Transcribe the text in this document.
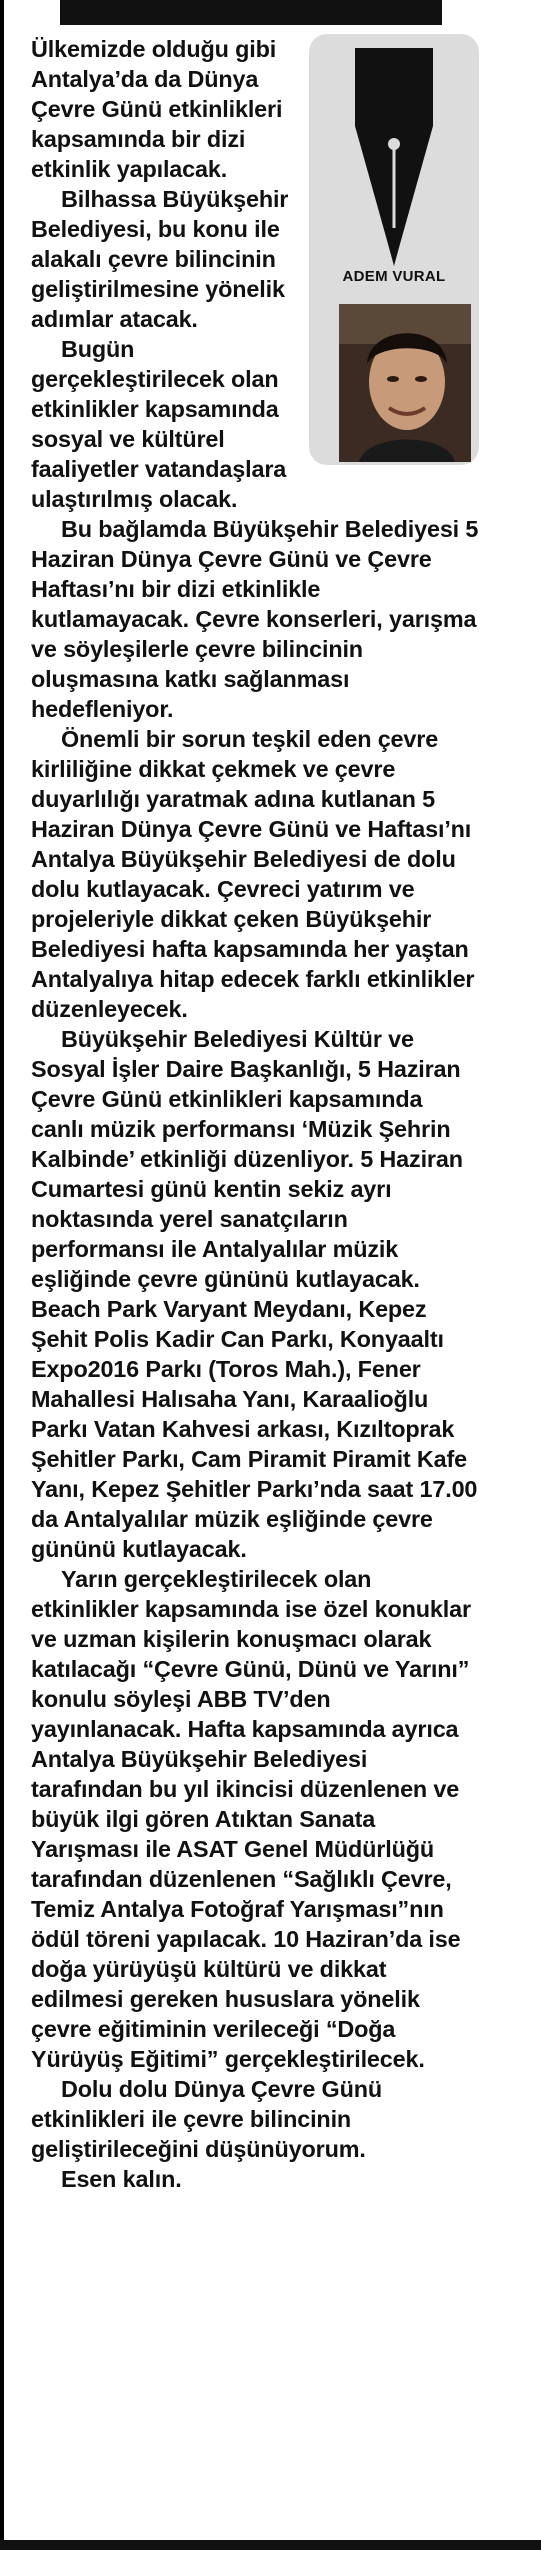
ADEM VURAL

Ülkemizde olduğu gibi Antalya’da da Dünya Çevre Günü etkinlikleri kapsamında bir dizi etkinlik yapılacak.

Bilhassa Büyükşehir Belediyesi, bu konu ile alakalı çevre bilincinin geliştirilmesine yönelik adımlar atacak.

Bugün gerçekleştirilecek olan etkinlikler kapsamında sosyal ve kültürel faaliyetler vatandaşlara ulaştırılmış olacak.

Bu bağlamda Büyükşehir Belediyesi 5 Haziran Dünya Çevre Günü ve Çevre Haftası’nı bir dizi etkinlikle kutlamayacak. Çevre konserleri, yarışma ve söyleşilerle çevre bilincinin oluşmasına katkı sağlanması hedefleniyor.

Önemli bir sorun teşkil eden çevre kirliliğine dikkat çekmek ve çevre duyarlılığı yaratmak adına kutlanan 5 Haziran Dünya Çevre Günü ve Haftası’nı Antalya Büyükşehir Belediyesi de dolu dolu kutlayacak. Çevreci yatırım ve projeleriyle dikkat çeken Büyükşehir Belediyesi hafta kapsamında her yaştan Antalyalıya hitap edecek farklı etkinlikler düzenleyecek.

Büyükşehir Belediyesi Kültür ve Sosyal İşler Daire Başkanlığı, 5 Haziran Çevre Günü etkinlikleri kapsamında canlı müzik performansı ‘Müzik Şehrin Kalbinde’ etkinliği düzenliyor. 5 Haziran Cumartesi günü kentin sekiz ayrı noktasında yerel sanatçıların performansı ile Antalyalılar müzik eşliğinde çevre gününü kutlayacak. Beach Park Varyant Meydanı, Kepez Şehit Polis Kadir Can Parkı, Konyaaltı Expo2016 Parkı (Toros Mah.), Fener Mahallesi Halısaha Yanı, Karaalioğlu Parkı Vatan Kahvesi arkası, Kızıltoprak Şehitler Parkı, Cam Piramit Piramit Kafe Yanı, Kepez Şehitler Parkı’nda saat 17.00 da Antalyalılar müzik eşliğinde çevre gününü kutlayacak.

Yarın gerçekleştirilecek olan etkinlikler kapsamında ise özel konuklar ve uzman kişilerin konuşmacı olarak katılacağı “Çevre Günü, Dünü ve Yarını” konulu söyleşi ABB TV’den yayınlanacak. Hafta kapsamında ayrıca Antalya Büyükşehir Belediyesi tarafından bu yıl ikincisi düzenlenen ve büyük ilgi gören Atıktan Sanata Yarışması ile ASAT Genel Müdürlüğü tarafından düzenlenen “Sağlıklı Çevre, Temiz Antalya Fotoğraf Yarışması”nın ödül töreni yapılacak. 10 Haziran’da ise doğa yürüyüşü kültürü ve dikkat edilmesi gereken hususlara yönelik çevre eğitiminin verileceği “Doğa Yürüyüş Eğitimi” gerçekleştirilecek.

Dolu dolu Dünya Çevre Günü etkinlikleri ile çevre bilincinin geliştirileceğini düşünüyorum.

Esen kalın.
